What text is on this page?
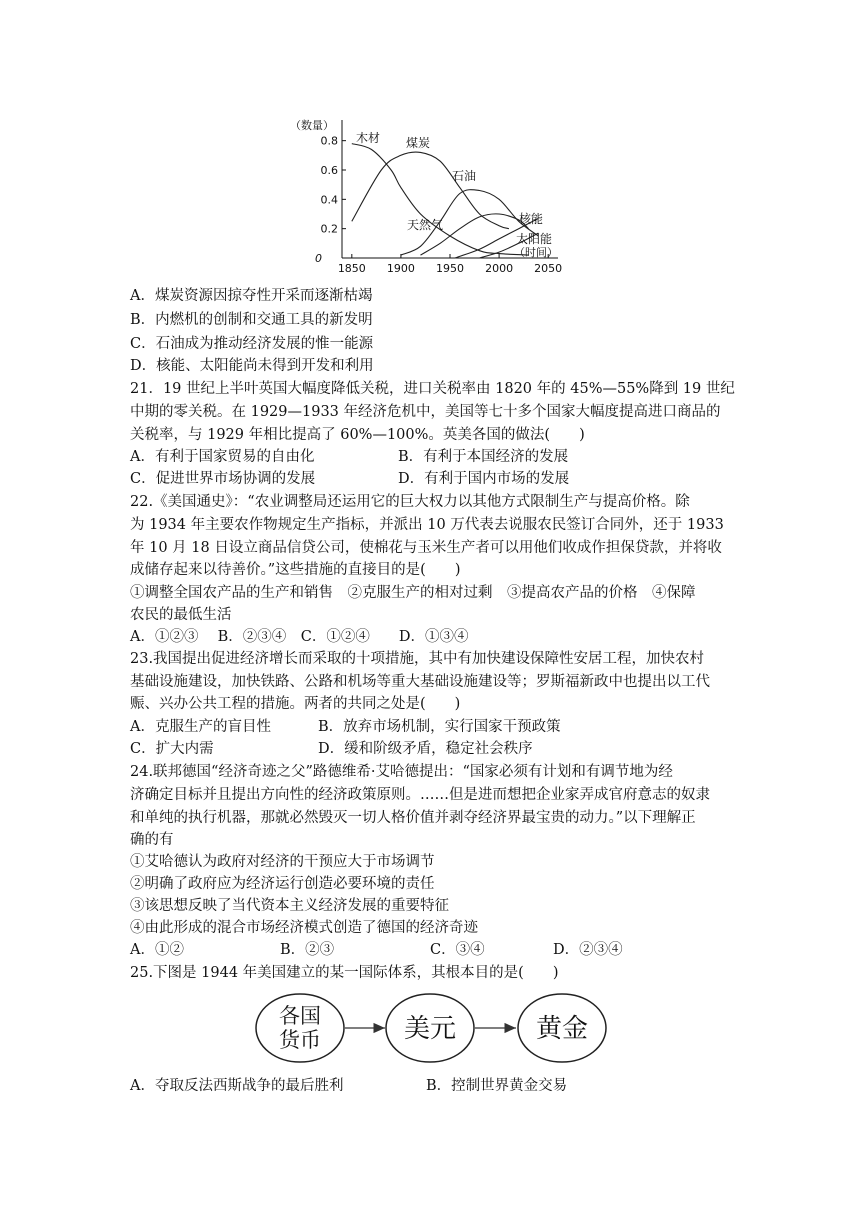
0
0.2
0.4
0.6
0.8
1850 1900 1950 2000 2050
（数量）
（时间）
木材 煤炭
石油
天然气	核能
太阳能
A．煤炭资源因掠夺性开采而逐渐枯竭
B．内燃机的创制和交通工具的新发明
C．石油成为推动经济发展的惟一能源
D．核能、太阳能尚未得到开发和利用
21．19 世纪上半叶英国大幅度降低关税，进口关税率由 1820 年的 45%—55%降到 19 世纪
中期的零关税。在 1929—1933 年经济危机中，美国等七十多个国家大幅度提高进口商品的
关税率，与 1929 年相比提高了 60%—100%。英美各国的做法(　　)
A．有利于国家贸易的自由化	B．有利于本国经济的发展
C．促进世界市场协调的发展	D．有利于国内市场的发展
22.《美国通史》：“农业调整局还运用它的巨大权力以其他方式限制生产与提高价格。除
为 1934 年主要农作物规定生产指标，并派出 10 万代表去说服农民签订合同外，还于 1933
年 10 月 18 日设立商品信贷公司，使棉花与玉米生产者可以用他们收成作担保贷款，并将收
成储存起来以待善价。”这些措施的直接目的是(　　)
①调整全国农产品的生产和销售　②克服生产的相对过剩　③提高农产品的价格　④保障
农民的最低生活
A．①②③　 B．②③④　C．①②④　　D．①③④
23.我国提出促进经济增长而采取的十项措施，其中有加快建设保障性安居工程，加快农村
基础设施建设，加快铁路、公路和机场等重大基础设施建设等；罗斯福新政中也提出以工代
赈、兴办公共工程的措施。两者的共同之处是(　　)
A．克服生产的盲目性	B．放弃市场机制，实行国家干预政策
C．扩大内需	D．缓和阶级矛盾，稳定社会秩序
24.联邦德国“经济奇迹之父”路德维希·艾哈德提出：“国家必须有计划和有调节地为经
济确定目标并且提出方向性的经济政策原则。……但是进而想把企业家弄成官府意志的奴隶
和单纯的执行机器，那就必然毁灭一切人格价值并剥夺经济界最宝贵的动力。”以下理解正
确的有
①艾哈德认为政府对经济的干预应大于市场调节
②明确了政府应为经济运行创造必要环境的责任
③该思想反映了当代资本主义经济发展的重要特征
④由此形成的混合市场经济模式创造了德国的经济奇迹
A．①②	B．②③	C．③④	D．②③④
25.下图是 1944 年美国建立的某一国际体系，其根本目的是(　　)
各国
货币	美元	黄金
A．夺取反法西斯战争的最后胜利	B．控制世界黄金交易
